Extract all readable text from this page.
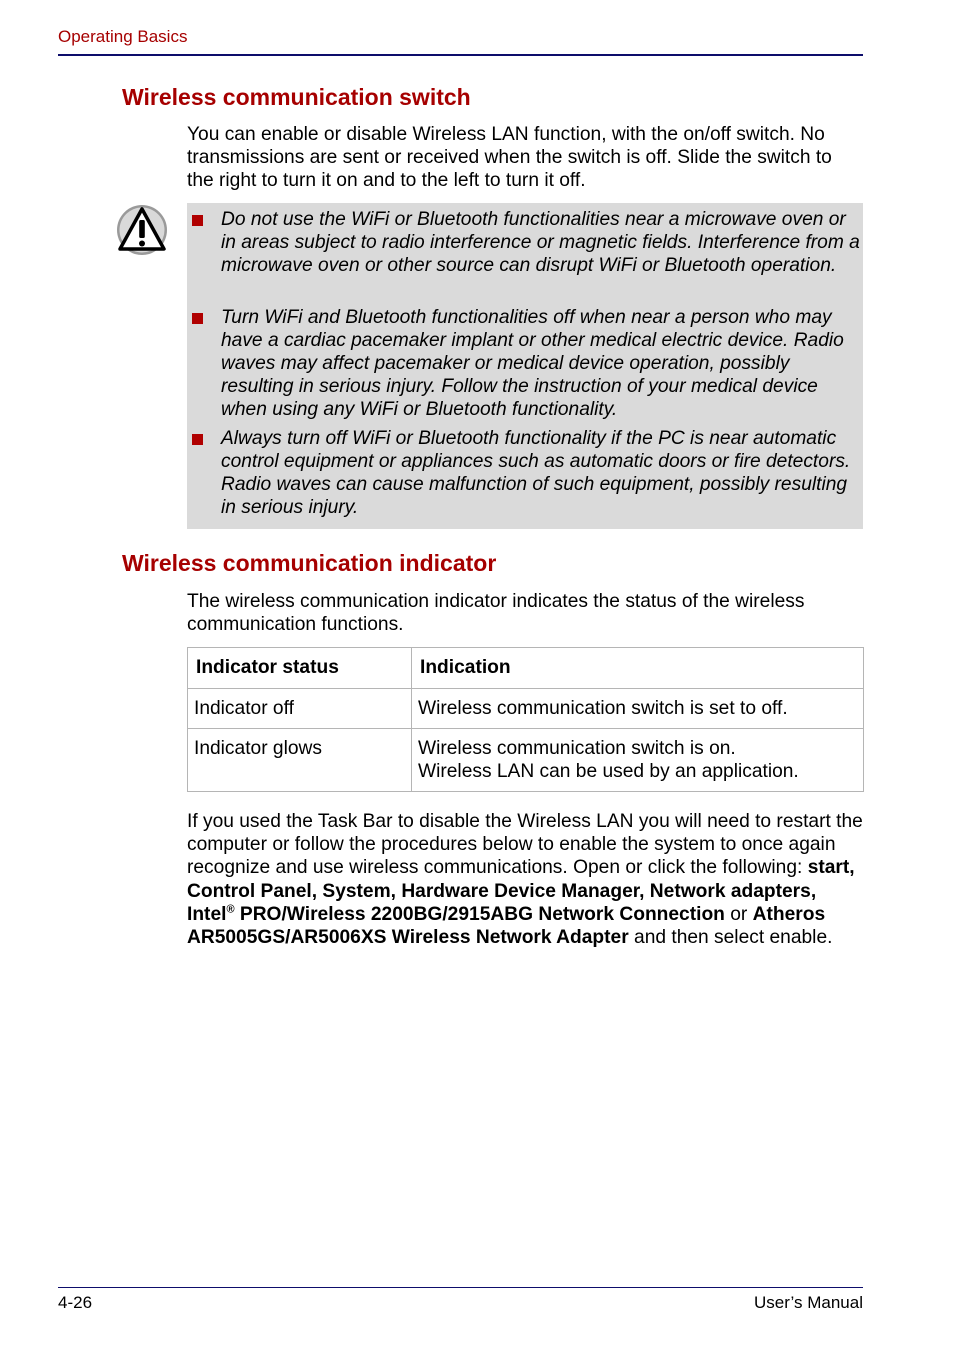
Operating Basics
Wireless communication switch
You can enable or disable Wireless LAN function, with the on/off switch. No transmissions are sent or received when the switch is off. Slide the switch to the right to turn it on and to the left to turn it off.
Do not use the WiFi or Bluetooth functionalities near a microwave oven or in areas subject to radio interference or magnetic fields. Interference from a microwave oven or other source can disrupt WiFi or Bluetooth operation.
Turn WiFi and Bluetooth functionalities off when near a person who may have a cardiac pacemaker implant or other medical electric device. Radio waves may affect pacemaker or medical device operation, possibly resulting in serious injury. Follow the instruction of your medical device when using any WiFi or Bluetooth functionality.
Always turn off WiFi or Bluetooth functionality if the PC is near automatic control equipment or appliances such as automatic doors or fire detectors. Radio waves can cause malfunction of such equipment, possibly resulting in serious injury.
Wireless communication indicator
The wireless communication indicator indicates the status of the wireless communication functions.
Indicator status	Indication
Indicator off	Wireless communication switch is set to off.
Indicator glows	Wireless communication switch is on.
Wireless LAN can be used by an application.
If you used the Task Bar to disable the Wireless LAN you will need to restart the computer or follow the procedures below to enable the system to once again recognize and use wireless communications. Open or click the following: start, Control Panel, System, Hardware Device Manager, Network adapters, Intel® PRO/Wireless 2200BG/2915ABG Network Connection or Atheros AR5005GS/AR5006XS Wireless Network Adapter and then select enable.
4-26	User’s Manual
